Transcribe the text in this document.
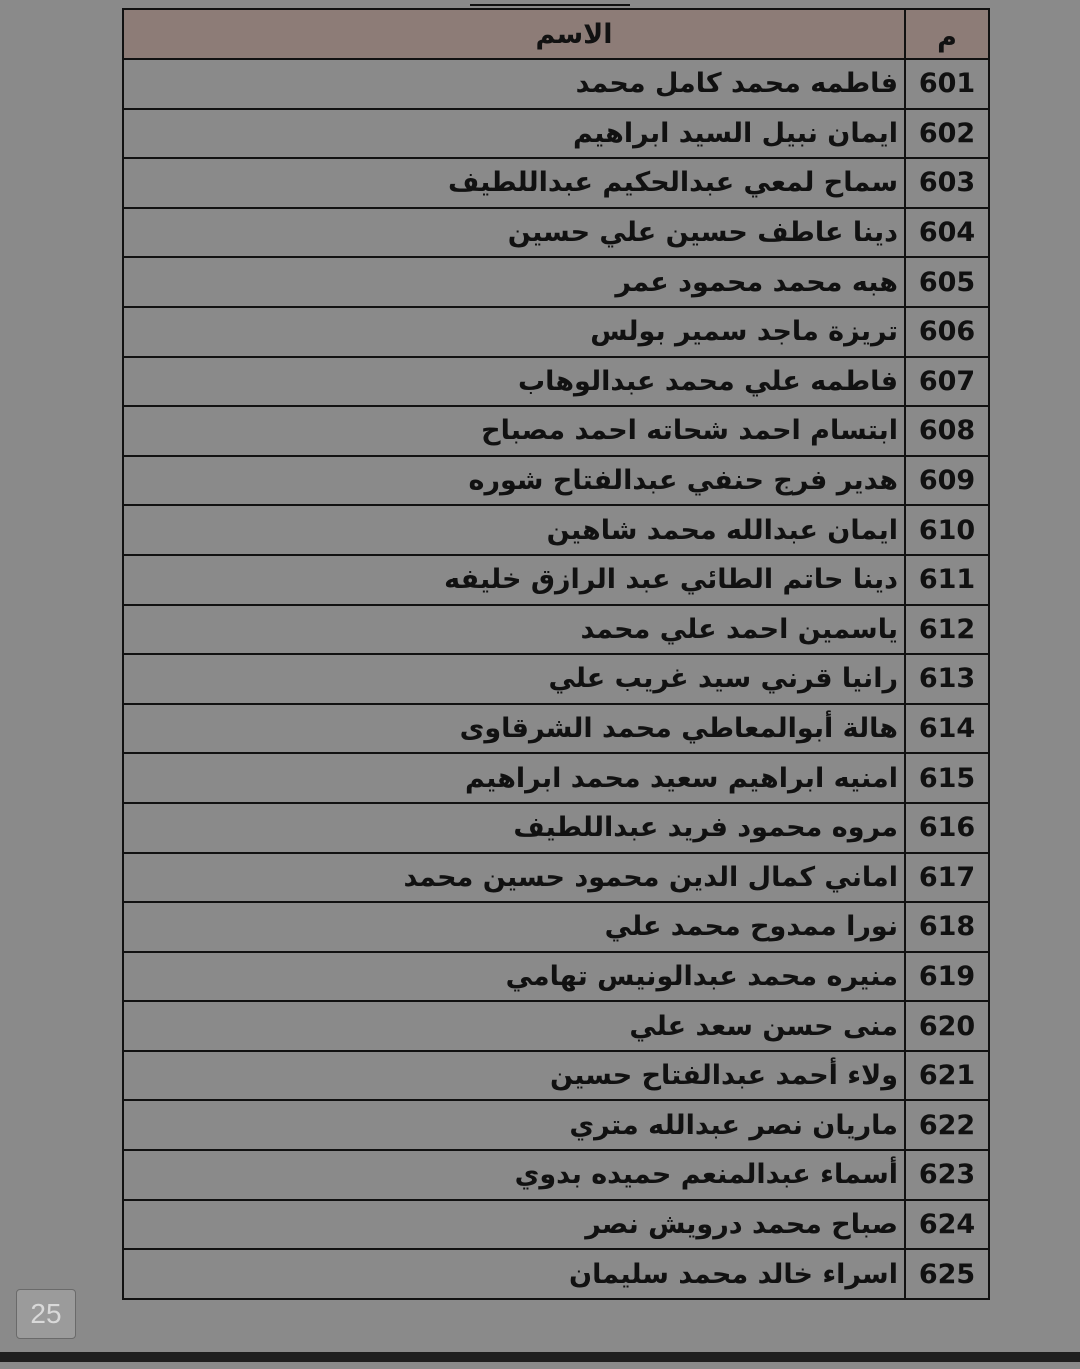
م	الاسم
601	فاطمه محمد كامل محمد
602	ايمان نبيل السيد ابراهيم
603	سماح لمعي عبدالحكيم عبداللطيف
604	دينا عاطف حسين علي حسين
605	هبه محمد محمود عمر
606	تريزة ماجد سمير بولس
607	فاطمه علي محمد عبدالوهاب
608	ابتسام احمد شحاته احمد مصباح
609	هدير فرج حنفي عبدالفتاح شوره
610	ايمان عبدالله محمد شاهين
611	دينا حاتم الطائي عبد الرازق خليفه
612	ياسمين احمد علي محمد
613	رانيا قرني سيد غريب علي
614	هالة أبوالمعاطي محمد الشرقاوى
615	امنيه ابراهيم سعيد محمد ابراهيم
616	مروه محمود فريد عبداللطيف
617	اماني كمال الدين محمود حسين محمد
618	نورا ممدوح محمد علي
619	منيره محمد عبدالونيس تهامي
620	منى حسن سعد علي
621	ولاء أحمد عبدالفتاح حسين
622	ماريان نصر عبدالله متري
623	أسماء عبدالمنعم حميده بدوي
624	صباح محمد درويش نصر
625	اسراء خالد محمد سليمان
25
